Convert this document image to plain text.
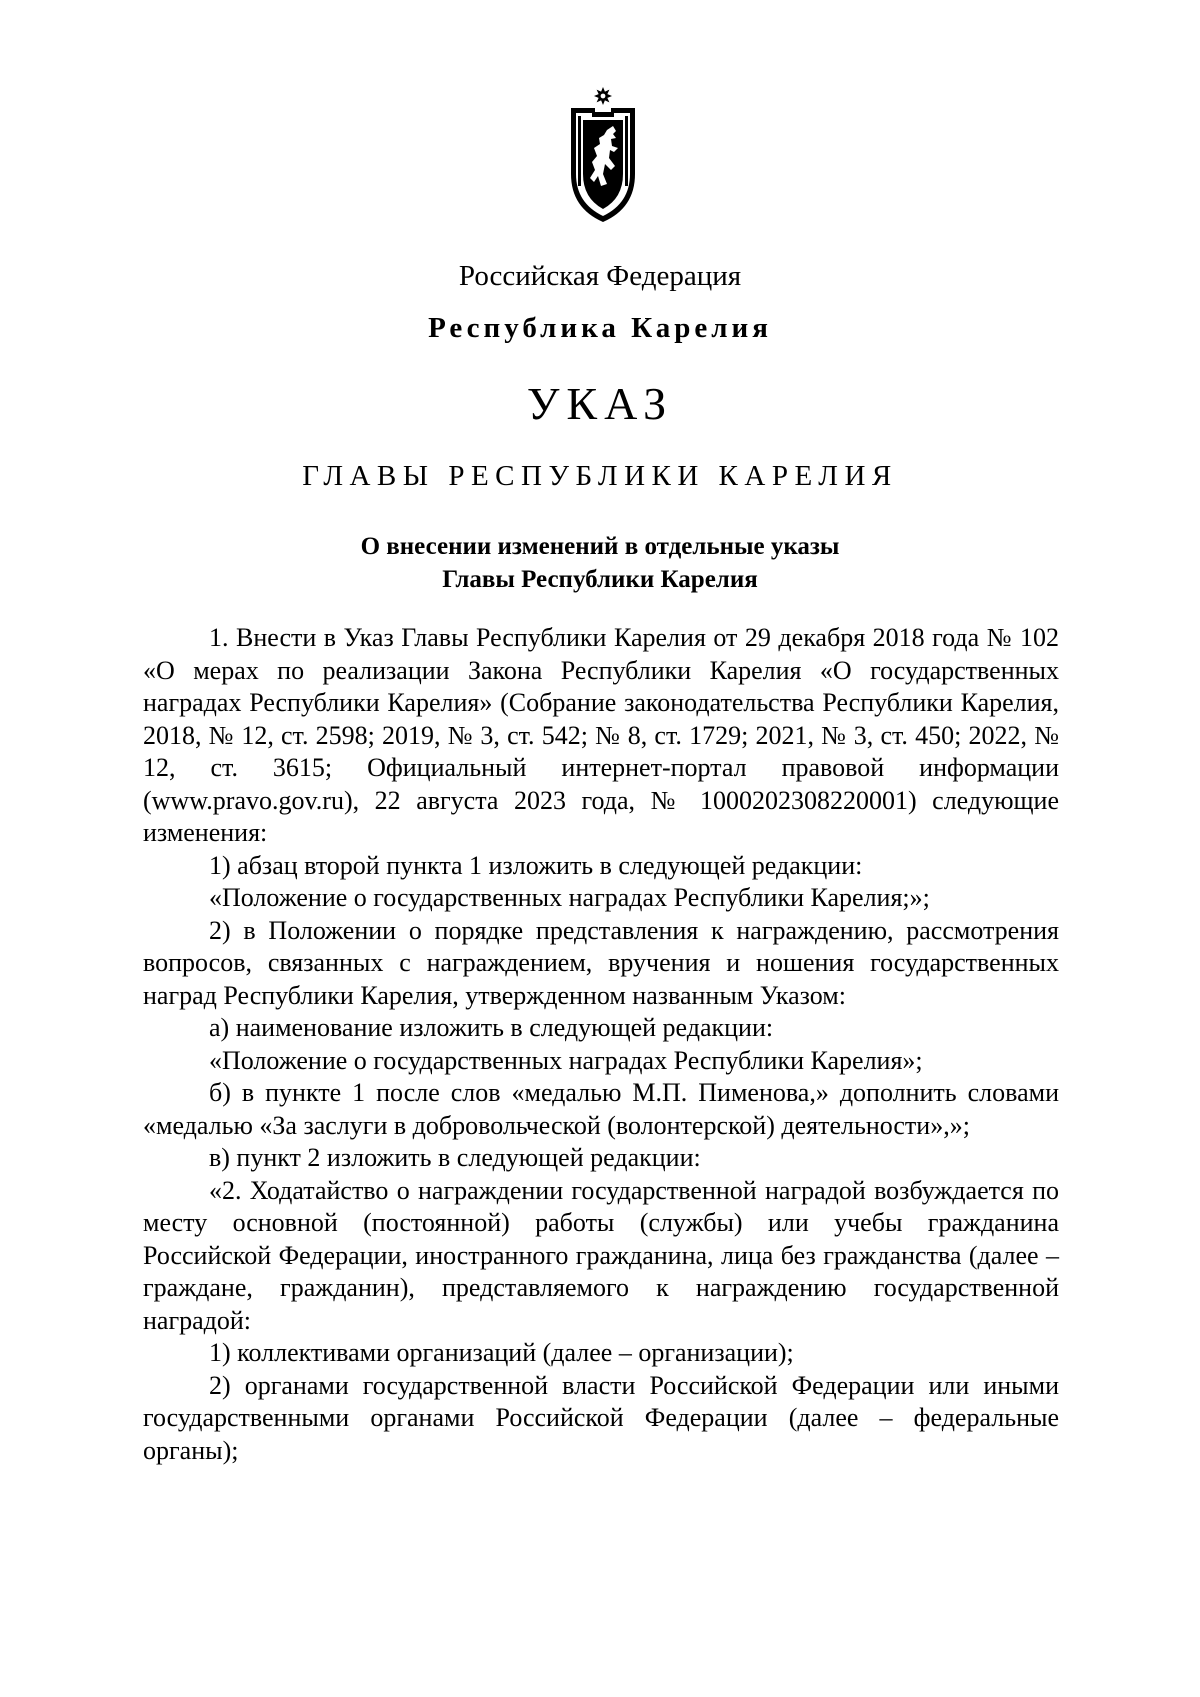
Российская Федерация
Республика Карелия
УКАЗ
ГЛАВЫ РЕСПУБЛИКИ КАРЕЛИЯ
О внесении изменений в отдельные указы
Главы Республики Карелия

1. Внести в Указ Главы Республики Карелия от 29 декабря 2018 года № 102 «О мерах по реализации Закона Республики Карелия «О государственных наградах Республики Карелия» (Собрание законодательства Республики Карелия, 2018, № 12, ст. 2598; 2019, № 3, ст. 542; № 8, ст. 1729; 2021, № 3, ст. 450; 2022, № 12, ст. 3615; Официальный интернет-портал правовой информации (www.pravo.gov.ru), 22 августа 2023 года, № 1000202308220001) следующие изменения:

1) абзац второй пункта 1 изложить в следующей редакции:

«Положение о государственных наградах Республики Карелия;»;

2) в Положении о порядке представления к награждению, рассмотрения вопросов, связанных с награждением, вручения и ношения государственных наград Республики Карелия, утвержденном названным Указом:

а) наименование изложить в следующей редакции:

«Положение о государственных наградах Республики Карелия»;

б) в пункте 1 после слов «медалью М.П. Пименова,» дополнить словами «медалью «За заслуги в добровольческой (волонтерской) деятельности»,»;

в) пункт 2 изложить в следующей редакции:

«2. Ходатайство о награждении государственной наградой возбуждается по месту основной (постоянной) работы (службы) или учебы гражданина Российской Федерации, иностранного гражданина, лица без гражданства (далее – граждане, гражданин), представляемого к награждению государственной наградой:

1) коллективами организаций (далее – организации);

2) органами государственной власти Российской Федерации или иными государственными органами Российской Федерации (далее – федеральные органы);
